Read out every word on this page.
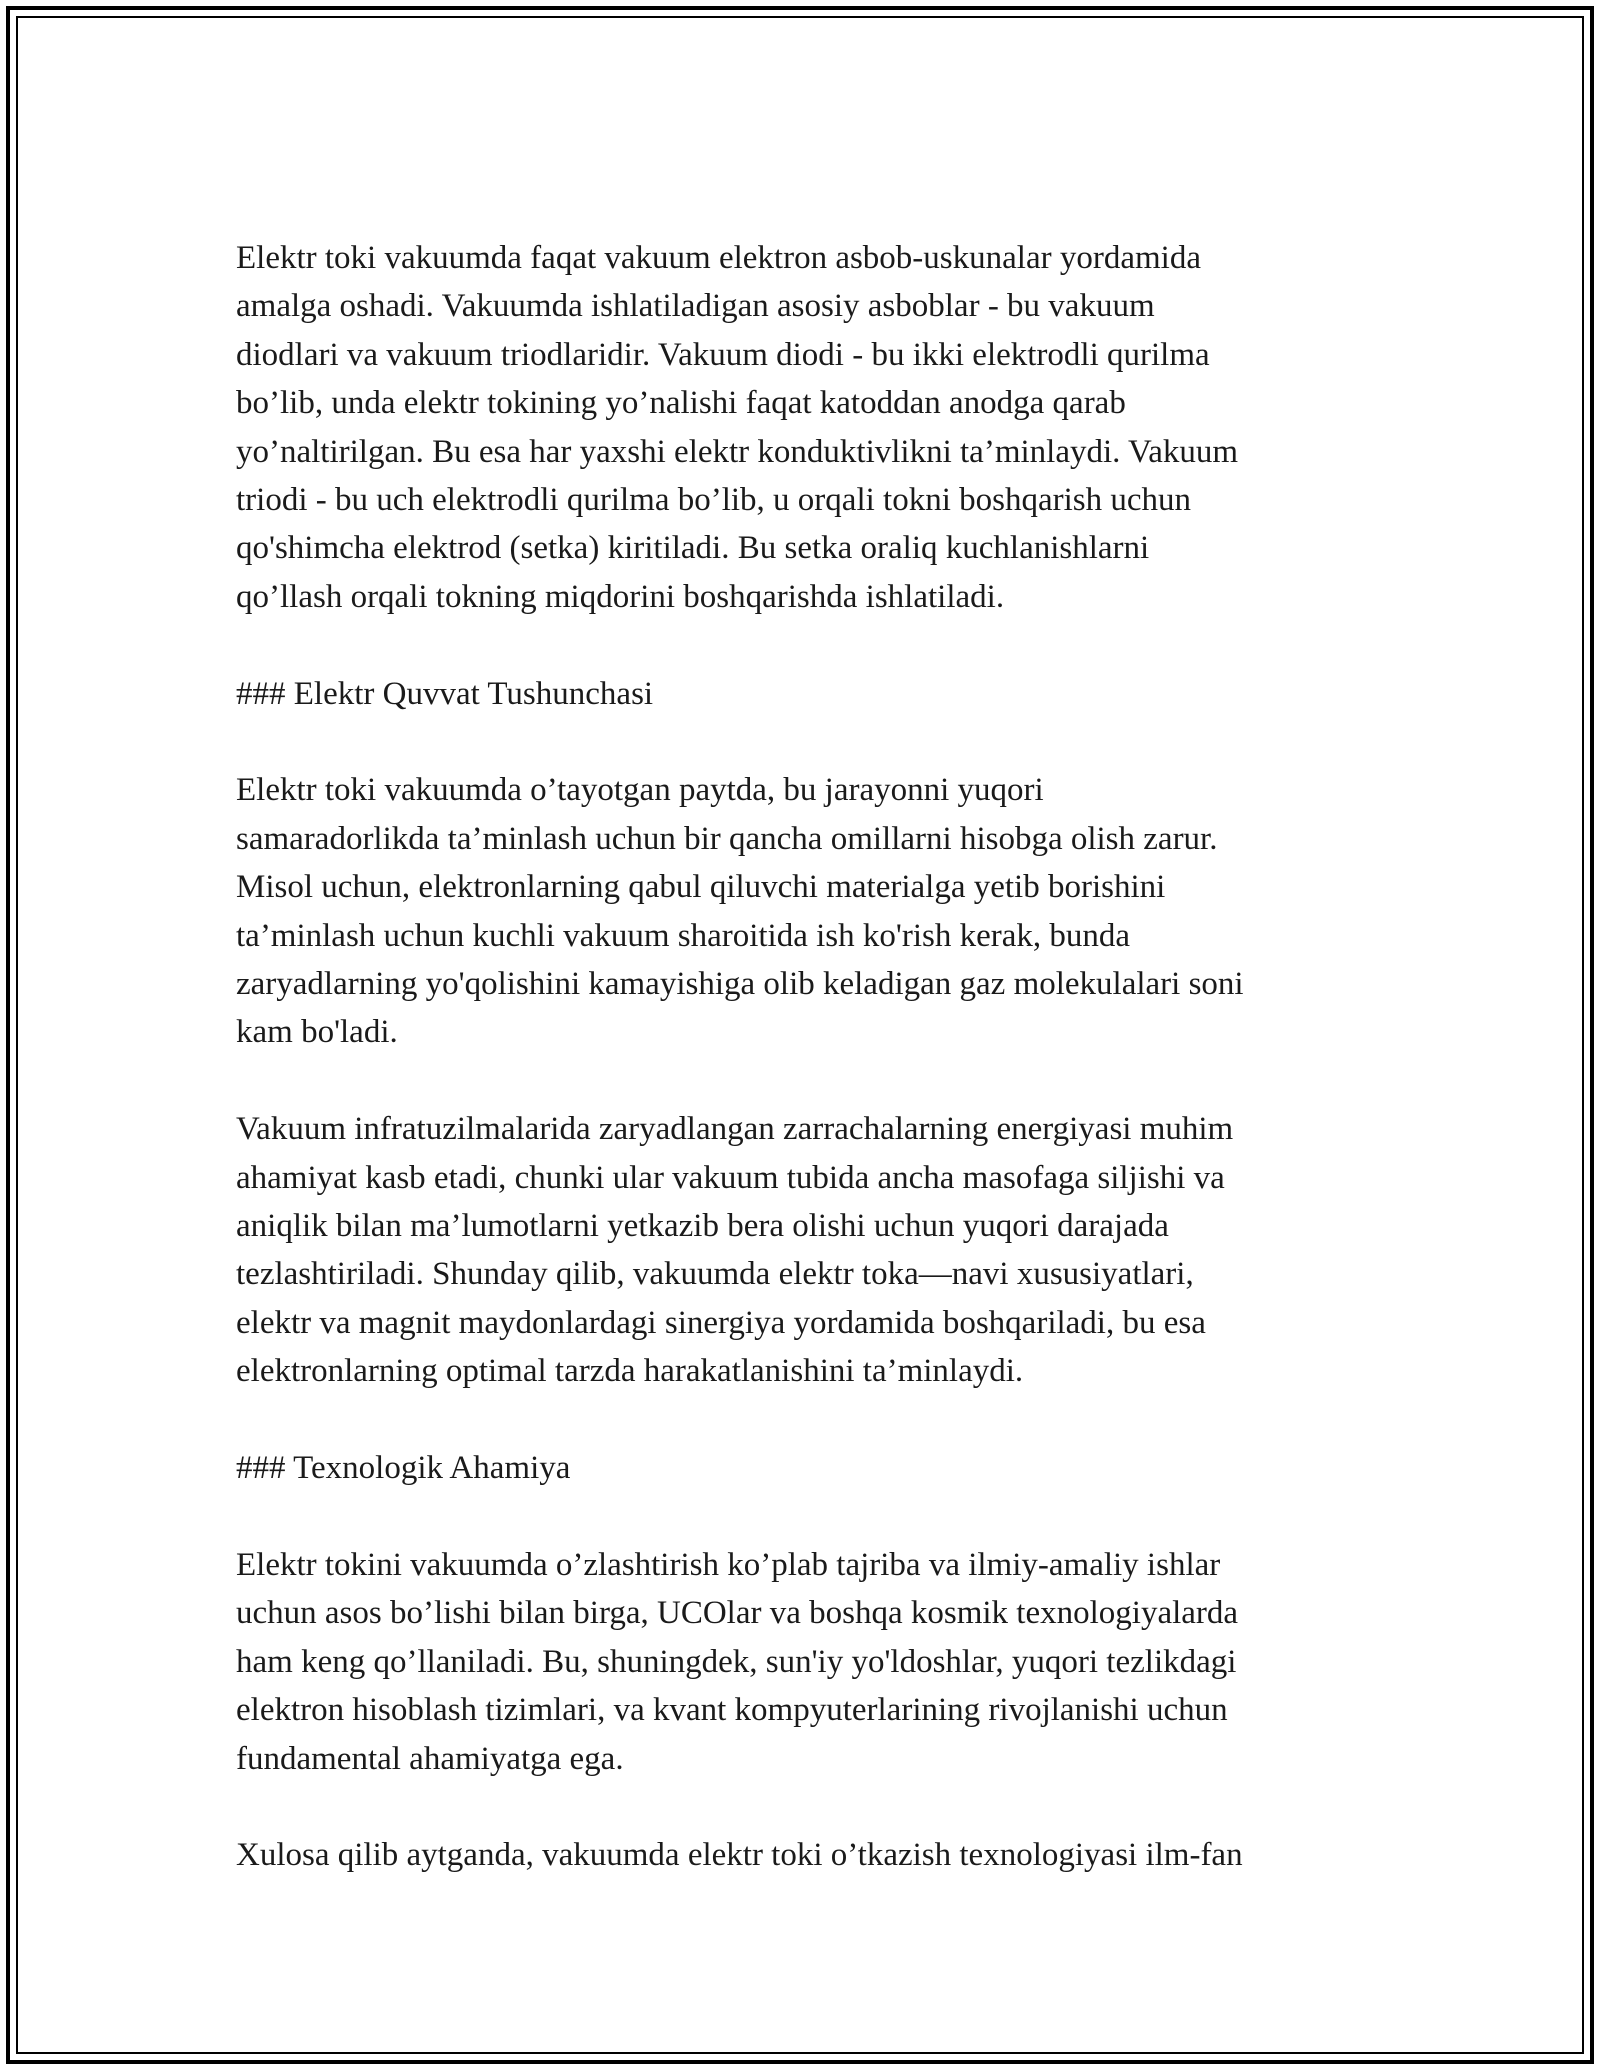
Elektr toki vakuumda faqat vakuum elektron asbob-uskunalar yordamida
amalga oshadi. Vakuumda ishlatiladigan asosiy asboblar - bu vakuum
diodlari va vakuum triodlaridir. Vakuum diodi - bu ikki elektrodli qurilma
bo’lib, unda elektr tokining yo’nalishi faqat katoddan anodga qarab
yo’naltirilgan. Bu esa har yaxshi elektr konduktivlikni ta’minlaydi. Vakuum
triodi - bu uch elektrodli qurilma bo’lib, u orqali tokni boshqarish uchun
qo'shimcha elektrod (setka) kiritiladi. Bu setka oraliq kuchlanishlarni
qo’llash orqali tokning miqdorini boshqarishda ishlatiladi.

### Elektr Quvvat Tushunchasi

Elektr toki vakuumda o’tayotgan paytda, bu jarayonni yuqori
samaradorlikda ta’minlash uchun bir qancha omillarni hisobga olish zarur.
Misol uchun, elektronlarning qabul qiluvchi materialga yetib borishini
ta’minlash uchun kuchli vakuum sharoitida ish ko'rish kerak, bunda
zaryadlarning yo'qolishini kamayishiga olib keladigan gaz molekulalari soni
kam bo'ladi.

Vakuum infratuzilmalarida zaryadlangan zarrachalarning energiyasi muhim
ahamiyat kasb etadi, chunki ular vakuum tubida ancha masofaga siljishi va
aniqlik bilan ma’lumotlarni yetkazib bera olishi uchun yuqori darajada
tezlashtiriladi. Shunday qilib, vakuumda elektr toka—navi xususiyatlari,
elektr va magnit maydonlardagi sinergiya yordamida boshqariladi, bu esa
elektronlarning optimal tarzda harakatlanishini ta’minlaydi.

### Texnologik Ahamiya

Elektr tokini vakuumda o’zlashtirish ko’plab tajriba va ilmiy-amaliy ishlar
uchun asos bo’lishi bilan birga, UCOlar va boshqa kosmik texnologiyalarda
ham keng qo’llaniladi. Bu, shuningdek, sun'iy yo'ldoshlar, yuqori tezlikdagi
elektron hisoblash tizimlari, va kvant kompyuterlarining rivojlanishi uchun
fundamental ahamiyatga ega.

Xulosa qilib aytganda, vakuumda elektr toki o’tkazish texnologiyasi ilm-fan
